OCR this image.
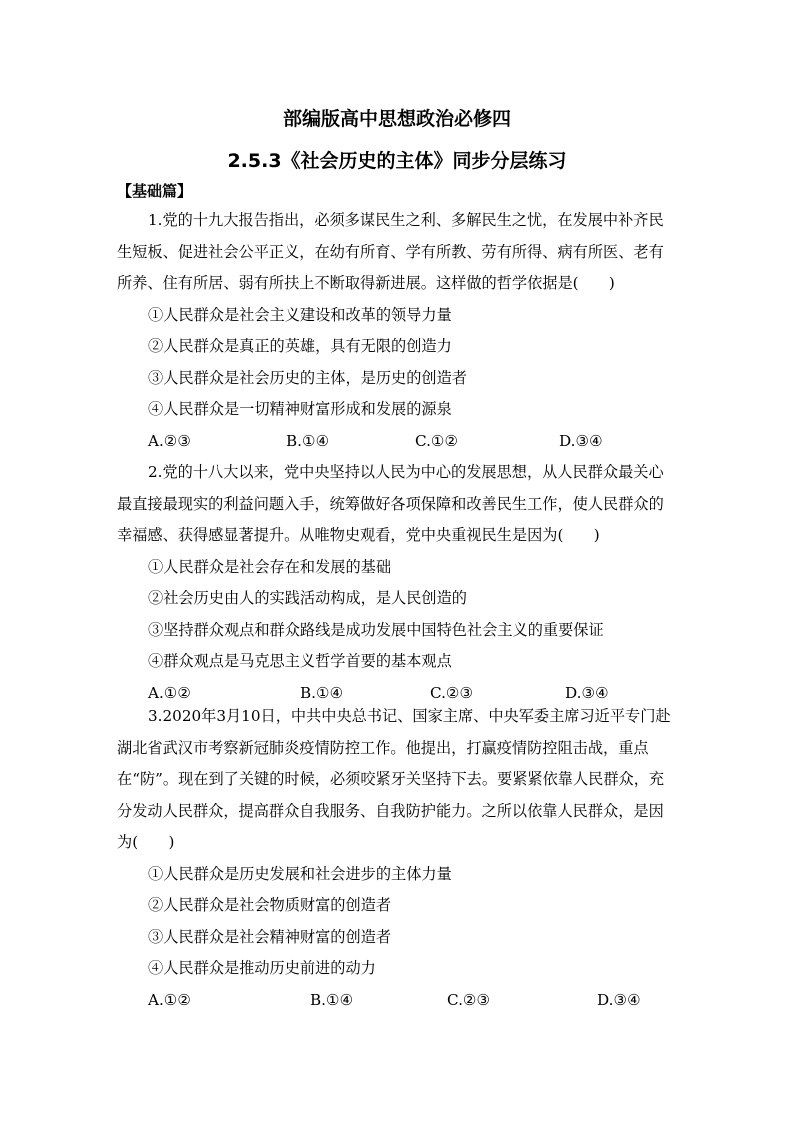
部编版高中思想政治必修四
2.5.3《社会历史的主体》同步分层练习

【基础篇】

1.党的十九大报告指出，必须多谋民生之利、多解民生之忧，在发展中补齐民生短板、促进社会公平正义，在幼有所育、学有所教、劳有所得、病有所医、老有所养、住有所居、弱有所扶上不断取得新进展。这样做的哲学依据是(　　)

①人民群众是社会主义建设和改革的领导力量

②人民群众是真正的英雄，具有无限的创造力

③人民群众是社会历史的主体，是历史的创造者

④人民群众是一切精神财富形成和发展的源泉

A.②③	B.①④	C.①②	D.③④

2.党的十八大以来，党中央坚持以人民为中心的发展思想，从人民群众最关心最直接最现实的利益问题入手，统筹做好各项保障和改善民生工作，使人民群众的幸福感、获得感显著提升。从唯物史观看，党中央重视民生是因为(　　)

①人民群众是社会存在和发展的基础

②社会历史由人的实践活动构成，是人民创造的

③坚持群众观点和群众路线是成功发展中国特色社会主义的重要保证

④群众观点是马克思主义哲学首要的基本观点

A.①②	B.①④	C.②③	D.③④

3.2020年3月10日，中共中央总书记、国家主席、中央军委主席习近平专门赴湖北省武汉市考察新冠肺炎疫情防控工作。他提出，打赢疫情防控阻击战，重点在“防”。现在到了关键的时候，必须咬紧牙关坚持下去。要紧紧依靠人民群众，充分发动人民群众，提高群众自我服务、自我防护能力。之所以依靠人民群众，是因为(　　)

①人民群众是历史发展和社会进步的主体力量

②人民群众是社会物质财富的创造者

③人民群众是社会精神财富的创造者

④人民群众是推动历史前进的动力

A.①②	B.①④	C.②③	D.③④
